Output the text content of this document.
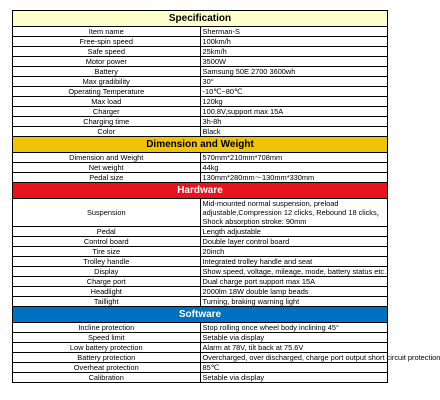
Specification	
Item name	Sherman-S
Free-spin speed	100km/h
Safe speed	25km/h
Motor power	3500W
Battery	Samsung 50E 2700 3600wh
Max gradibility	30°
Operating Temperature	-10℃~80℃
Max load	120kg
Charger	100.8V,support max 15A
Charging time	3h-8h
Color	Black
Dimension and Weight	
Dimension and Weight	570mm*210mm*708mm
Net weight	44kg
Pedal size	130mm*280mm～130mm*330mm
Hardware	
Suspension	Mid-mounted normal suspension, preload adjustable,Compression 12 clicks, Rebound 18 clicks，Shock absorption stroke: 90mm
Pedal	Length adjustable
Control board	Double layer control board
Tire size	20inch
Trolley handle	Integrated trolley handle and seat
Display	Show speed, voltage, mileage, mode, battery status etc.
Charge port	Dual charge port support max 15A
Headlight	2000lm 18W double lamp beads
Taillight	Turning, braking warning light
Software	
Incline protection	Stop rolling once wheel body inclining 45°
Speed limit	Setable via display
Low battery protection	Alarm at 78V, tilt back at 75.6V
Battery protection	Overcharged, over discharged, charge port output short circuit protection
Overheat protection	85℃
Calibration	Setable via display
